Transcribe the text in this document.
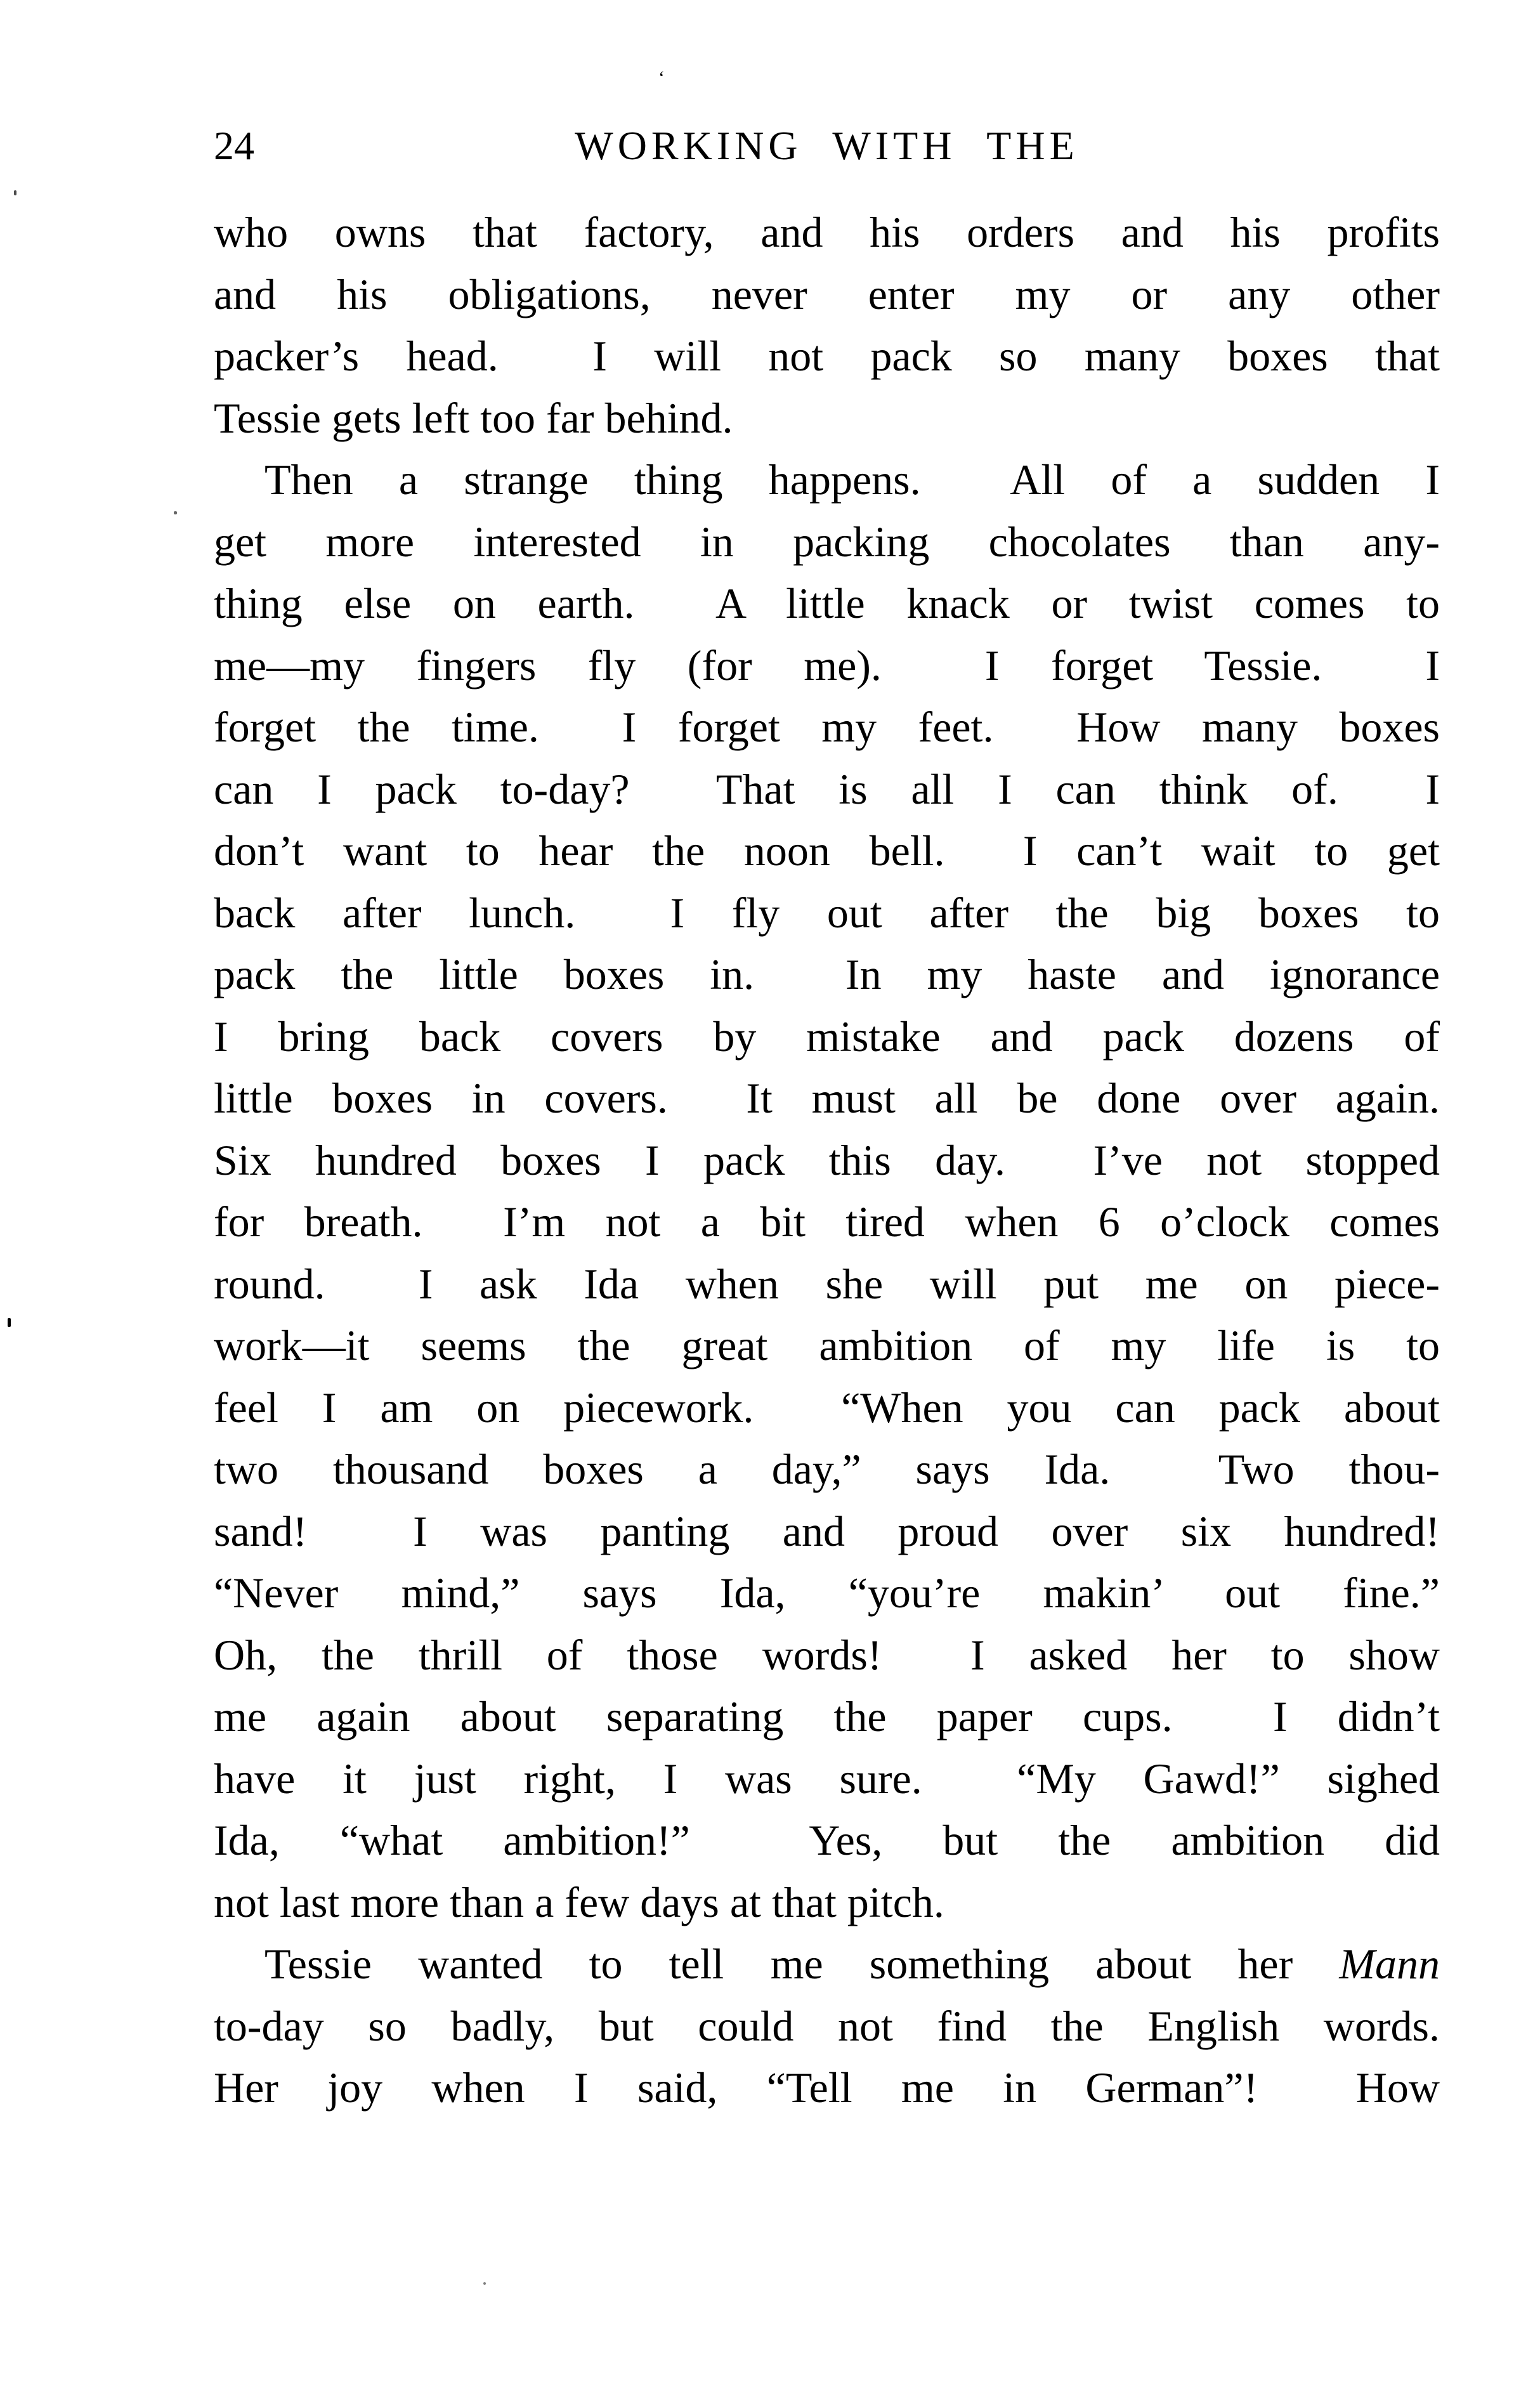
24	WORKING WITH THE
‘
who owns that factory, and his orders and his profits
and his obligations, never enter my or any other
packer’s head.  I will not pack so many boxes that
Tessie gets left too far behind.
Then a strange thing happens.  All of a sudden I
get more interested in packing chocolates than any-
thing else on earth.  A little knack or twist comes to
me—my fingers fly (for me).  I forget Tessie.  I
forget the time.  I forget my feet.  How many boxes
can I pack to-day?  That is all I can think of.  I
don’t want to hear the noon bell.  I can’t wait to get
back after lunch.  I fly out after the big boxes to
pack the little boxes in.  In my haste and ignorance
I bring back covers by mistake and pack dozens of
little boxes in covers.  It must all be done over again.
Six hundred boxes I pack this day.  I’ve not stopped
for breath.  I’m not a bit tired when 6 o’clock comes
round.  I ask Ida when she will put me on piece-
work—it seems the great ambition of my life is to
feel I am on piecework.  “When you can pack about
two thousand boxes a day,” says Ida.  Two thou-
sand!  I was panting and proud over six hundred!
“Never mind,” says Ida, “you’re makin’ out fine.”
Oh, the thrill of those words!  I asked her to show
me again about separating the paper cups.  I didn’t
have it just right, I was sure.  “My Gawd!” sighed
Ida, “what ambition!”  Yes, but the ambition did
not last more than a few days at that pitch.
Tessie wanted to tell me something about her Mann
to-day so badly, but could not find the English words.
Her joy when I said, “Tell me in German”!  How
